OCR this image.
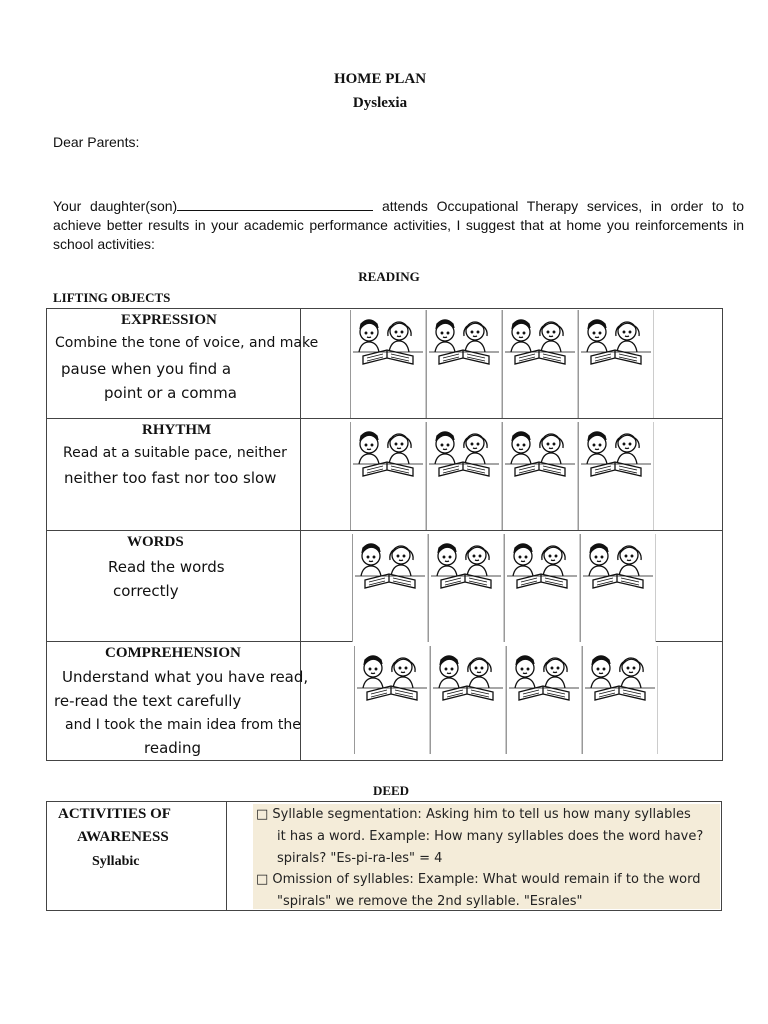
HOME PLAN
Dyslexia
Dear Parents:
Your daughter(son)	attends Occupational Therapy services, in order to to achieve better results in your academic performance activities, I suggest that at home you reinforcements in school activities:
READING
LIFTING OBJECTS
EXPRESSION
Combine the tone of voice, and make
pause when you find a
point or a comma
RHYTHM
Read at a suitable pace, neither
neither too fast nor too slow
WORDS
Read the words
correctly
COMPREHENSION
Understand what you have read,
re-read the text carefully
and I took the main idea from the
reading
DEED
ACTIVITIES OF
AWARENESS
Syllabic
□ Syllable segmentation: Asking him to tell us how many syllables
it has a word. Example: How many syllables does the word have?
spirals? "Es-pi-ra-les" = 4
□ Omission of syllables: Example: What would remain if to the word
"spirals" we remove the 2nd syllable. "Esrales"
